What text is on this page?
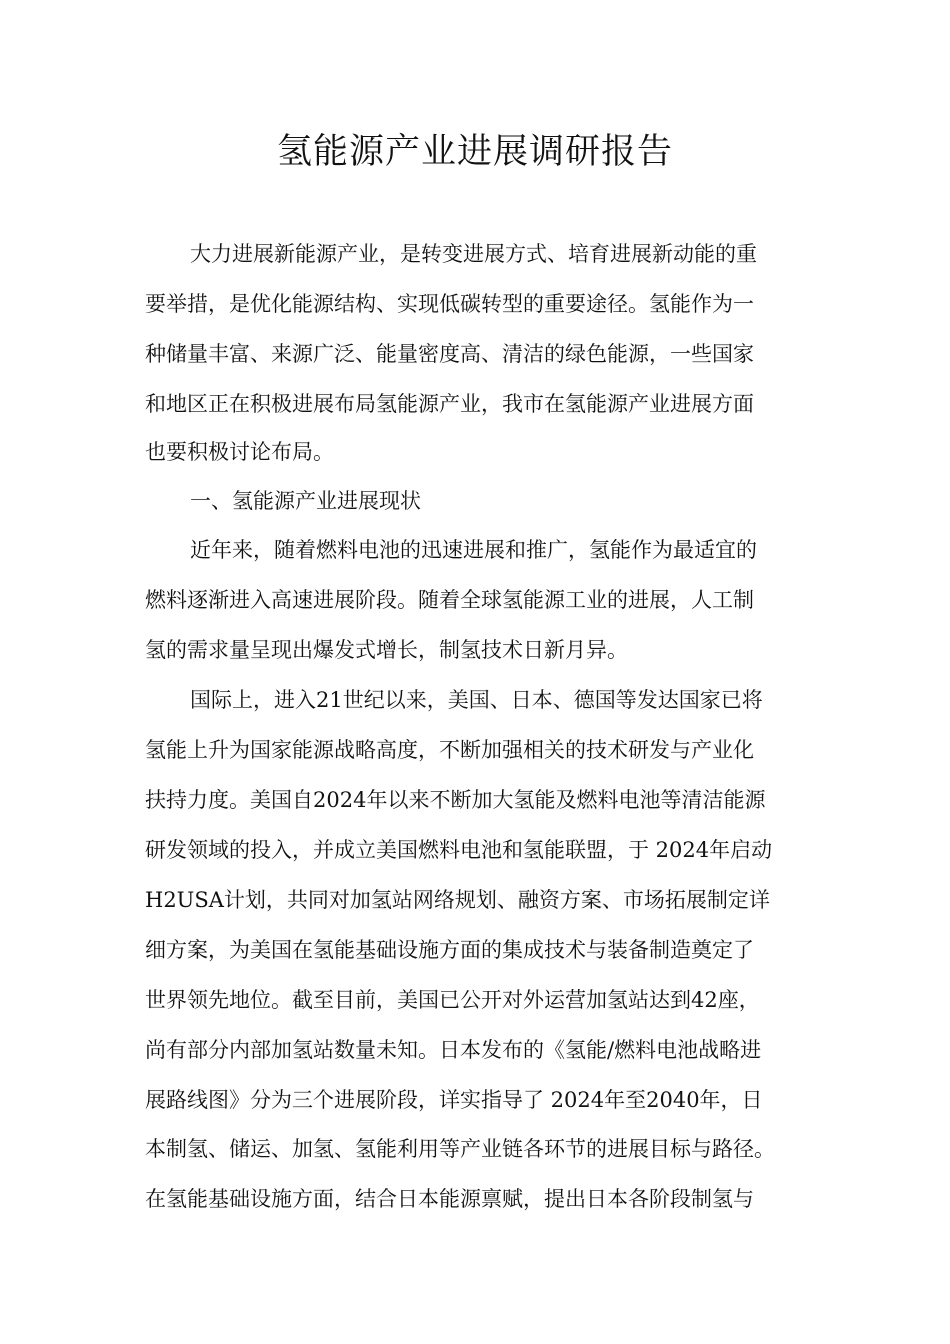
氢能源产业进展调研报告

大力进展新能源产业，是转变进展方式、培育进展新动能的重

要举措，是优化能源结构、实现低碳转型的重要途径。氢能作为一

种储量丰富、来源广泛、能量密度高、清洁的绿色能源，一些国家

和地区正在积极进展布局氢能源产业，我市在氢能源产业进展方面

也要积极讨论布局。

一、氢能源产业进展现状

近年来，随着燃料电池的迅速进展和推广，氢能作为最适宜的

燃料逐渐进入高速进展阶段。随着全球氢能源工业的进展，人工制

氢的需求量呈现出爆发式增长，制氢技术日新月异。

国际上，进入21世纪以来，美国、日本、德国等发达国家已将

氢能上升为国家能源战略高度，不断加强相关的技术研发与产业化

扶持力度。美国自2024年以来不断加大氢能及燃料电池等清洁能源

研发领域的投入，并成立美国燃料电池和氢能联盟，于 2024年启动

H2USA计划，共同对加氢站网络规划、融资方案、市场拓展制定详

细方案，为美国在氢能基础设施方面的集成技术与装备制造奠定了

世界领先地位。截至目前，美国已公开对外运营加氢站达到42座，

尚有部分内部加氢站数量未知。日本发布的《氢能/燃料电池战略进

展路线图》分为三个进展阶段，详实指导了 2024年至2040年，日

本制氢、储运、加氢、氢能利用等产业链各环节的进展目标与路径。

在氢能基础设施方面，结合日本能源禀赋，提出日本各阶段制氢与
